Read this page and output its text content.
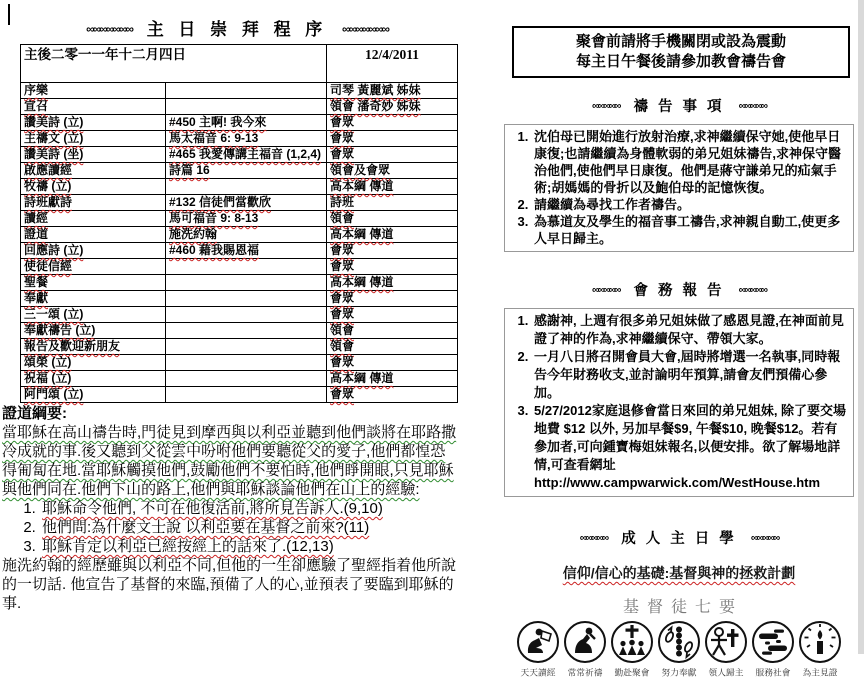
∞∞∞∞∞∞∞ 主 日 崇 拜 程 序 ∞∞∞∞∞∞∞
主後二零一一年十二月四日		12/4/2011
序樂		司琴 黃麗斌 姊妹
宣召		領會 潘奇妙 姊妹
讚美詩 (立)	#450 主啊! 我今來	會眾
主禱文 (立)	馬太福音 6: 9-13	會眾
讚美詩 (坐)	#465 我愛傳講主福音 (1,2,4)	會眾
啟應讀經	詩篇 16	領會及會眾
牧禱 (立)		高本綱 傳道
詩班獻詩	#132 信徒們當歡欣	詩班
讀經	馬可福音 9: 8-13	領會
證道	施洗約翰	高本綱 傳道
回應詩 (立)	#460 藉我賜恩福	會眾
使徒信經		會眾
聖餐		高本綱 傳道
奉獻		會眾
三一頌 (立)		會眾
奉獻禱告 (立)		領會
報告及歡迎新朋友		領會
頌榮 (立)		會眾
祝福 (立)		高本綱 傳道
阿門頌 (立)		會眾
證道綱要:

當耶穌在高山禱告時,門徒見到摩西與以利亞並聽到他們談將在耶路撒冷成就的事.後又聽到父從雲中吩咐他們要聽從父的愛子,他們都惶恐得匍匐在地.當耶穌觸摸他們,鼓勵他們不要怕時,他們睜開眼,只見耶穌與他們同在.他們下山的路上,他們與耶穌談論他們在山上的經驗:

1. 耶穌命令他們, 不可在他復活前,將所見告訴人.(9,10)
2. 他們問:為什麼文士說 以利亞要在基督之前來?(11)
3. 耶穌肯定以利亞已經按經上的話來了.(12,13)

施洗約翰的經歷雖與以利亞不同,但他的一生卻應驗了聖經指着他所說 的一切話. 他宣告了基督的來臨,預備了人的心,並預表了要臨到耶穌的事.

聚會前請將手機關閉或設為震動
每主日午餐後請參加教會禱告會
∞∞∞∞∞ 禱 告 事 項 ∞∞∞∞∞
1. 沈伯母已開始進行放射治療,求神繼續保守她,使他早日康復;也請繼續為身體軟弱的弟兄姐妹禱告,求神保守醫治他們,使他們早日康復。他們是蔣守謙弟兄的疝氣手術;胡媽媽的骨折以及鮑伯母的記憶恢復。
2. 請繼續為尋找工作者禱告。
3. 為慕道友及學生的福音事工禱告,求神親自動工,使更多人早日歸主。
∞∞∞∞∞ 會 務 報 告 ∞∞∞∞∞
1. 感謝神, 上週有很多弟兄姐妹做了感恩見證,在神面前見證了神的作為,求神繼續保守、帶領大家。
2. 一月八日將召開會員大會,屆時將增選一名執事,同時報告今年財務收支,並討論明年預算,請會友們預備心參加。
3. 5/27/2012家庭退修會當日來回的弟兄姐妹, 除了要交場地費 $12 以外, 另加早餐$9, 午餐$10, 晚餐$12。若有參加者,可向鍾寶梅姐妹報名,以便安排。欲了解場地詳情,可查看網址 http://www.campwarwick.com/WestHouse.htm
∞∞∞∞∞ 成 人 主 日 學 ∞∞∞∞∞
信仰/信心的基礎:基督與神的拯救計劃
基督徒七要
天天讀經	常常祈禱	勤赴聚會	努力奉獻	領人歸主	服務社會	為主見證
